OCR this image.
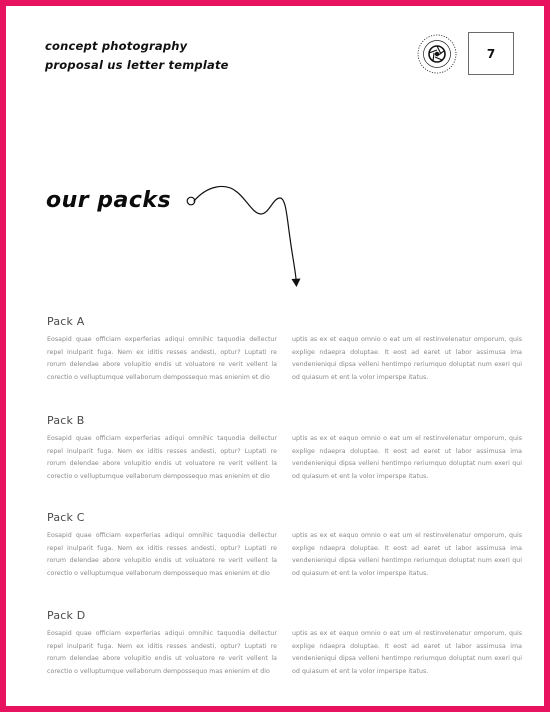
concept photography
proposal us letter template
7
our packs
Pack A

Eosapid quae officiam experferias adiqui omnihic taquodia dellectur repel inulparit fuga. Nem ex iditis resses andesti, optur? Luptati re rorum delendae abore volupitio endis ut voluatore re verit vellent la corectio o velluptumque vellaborum dempossequo mas enienim et dio

uptis as ex et eaquo omnio o eat um el restinvelenatur omporum, quis explige ndaepra doluptae. It eost ad earet ut labor assimusa ima vendenieniqui dipsa velleni hentimpo reriumquo doluptat num exeri qui od quiasum et ent la volor imperspe itatus.

Pack B

Eosapid quae officiam experferias adiqui omnihic taquodia dellectur repel inulparit fuga. Nem ex iditis resses andesti, optur? Luptati re rorum delendae abore volupitio endis ut voluatore re verit vellent la corectio o velluptumque vellaborum dempossequo mas enienim et dio

uptis as ex et eaquo omnio o eat um el restinvelenatur omporum, quis explige ndaepra doluptae. It eost ad earet ut labor assimusa ima vendenieniqui dipsa velleni hentimpo reriumquo doluptat num exeri qui od quiasum et ent la volor imperspe itatus.

Pack C

Eosapid quae officiam experferias adiqui omnihic taquodia dellectur repel inulparit fuga. Nem ex iditis resses andesti, optur? Luptati re rorum delendae abore volupitio endis ut voluatore re verit vellent la corectio o velluptumque vellaborum dempossequo mas enienim et dio

uptis as ex et eaquo omnio o eat um el restinvelenatur omporum, quis explige ndaepra doluptae. It eost ad earet ut labor assimusa ima vendenieniqui dipsa velleni hentimpo reriumquo doluptat num exeri qui od quiasum et ent la volor imperspe itatus.

Pack D

Eosapid quae officiam experferias adiqui omnihic taquodia dellectur repel inulparit fuga. Nem ex iditis resses andesti, optur? Luptati re rorum delendae abore volupitio endis ut voluatore re verit vellent la corectio o velluptumque vellaborum dempossequo mas enienim et dio

uptis as ex et eaquo omnio o eat um el restinvelenatur omporum, quis explige ndaepra doluptae. It eost ad earet ut labor assimusa ima vendenieniqui dipsa velleni hentimpo reriumquo doluptat num exeri qui od quiasum et ent la volor imperspe itatus.
